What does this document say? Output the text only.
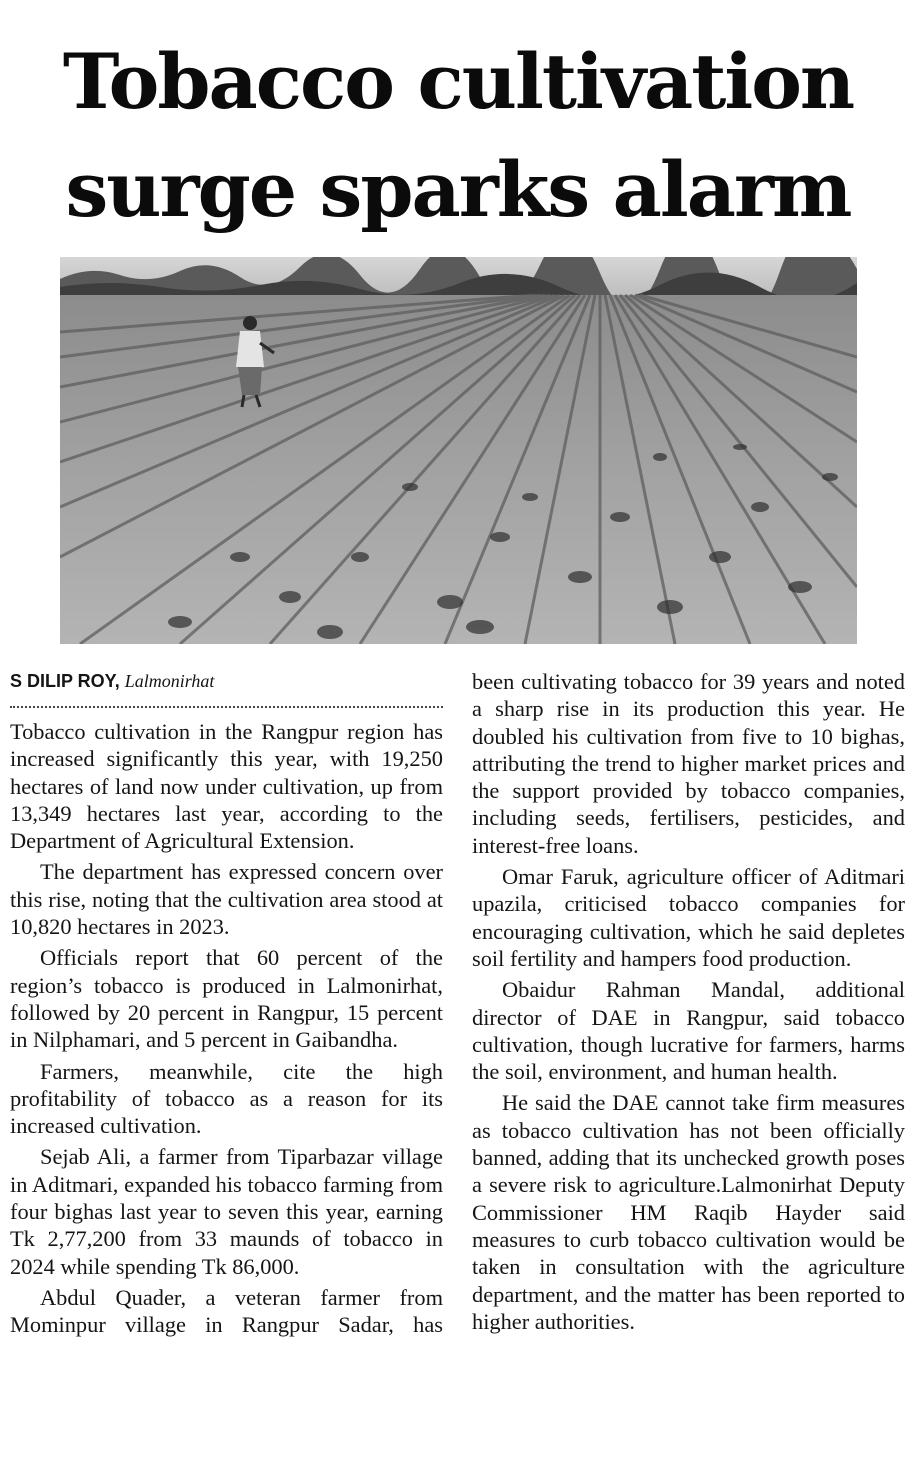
Tobacco cultivation
surge sparks alarm
S DILIP ROY, Lalmonirhat

Tobacco cultivation in the Rangpur region has increased significantly this year, with 19,250 hectares of land now under cultivation, up from 13,349 hectares last year, according to the Department of Agricultural Extension.

The department has expressed concern over this rise, noting that the cultivation area stood at 10,820 hectares in 2023.

Officials report that 60 percent of the region’s tobacco is produced in Lalmonirhat, followed by 20 percent in Rangpur, 15 percent in Nilphamari, and 5 percent in Gaibandha.

Farmers, meanwhile, cite the high profitability of tobacco as a reason for its increased cultivation.

Sejab Ali, a farmer from Tiparbazar village in Aditmari, expanded his tobacco farming from four bighas last year to seven this year, earning Tk 2,77,200 from 33 maunds of tobacco in 2024 while spending Tk 86,000.

Abdul Quader, a veteran farmer from Mominpur village in Rangpur Sadar, has

been cultivating tobacco for 39 years and noted a sharp rise in its production this year. He doubled his cultivation from five to 10 bighas, attributing the trend to higher market prices and the support provided by tobacco companies, including seeds, fertilisers, pesticides, and interest-free loans.

Omar Faruk, agriculture officer of Aditmari upazila, criticised tobacco companies for encouraging cultivation, which he said depletes soil fertility and hampers food production.

Obaidur Rahman Mandal, additional director of DAE in Rangpur, said tobacco cultivation, though lucrative for farmers, harms the soil, environment, and human health.

He said the DAE cannot take firm measures as tobacco cultivation has not been officially banned, adding that its unchecked growth poses a severe risk to agriculture.Lalmonirhat Deputy Commissioner HM Raqib Hayder said measures to curb tobacco cultivation would be taken in consultation with the agriculture department, and the matter has been reported to higher authorities.
